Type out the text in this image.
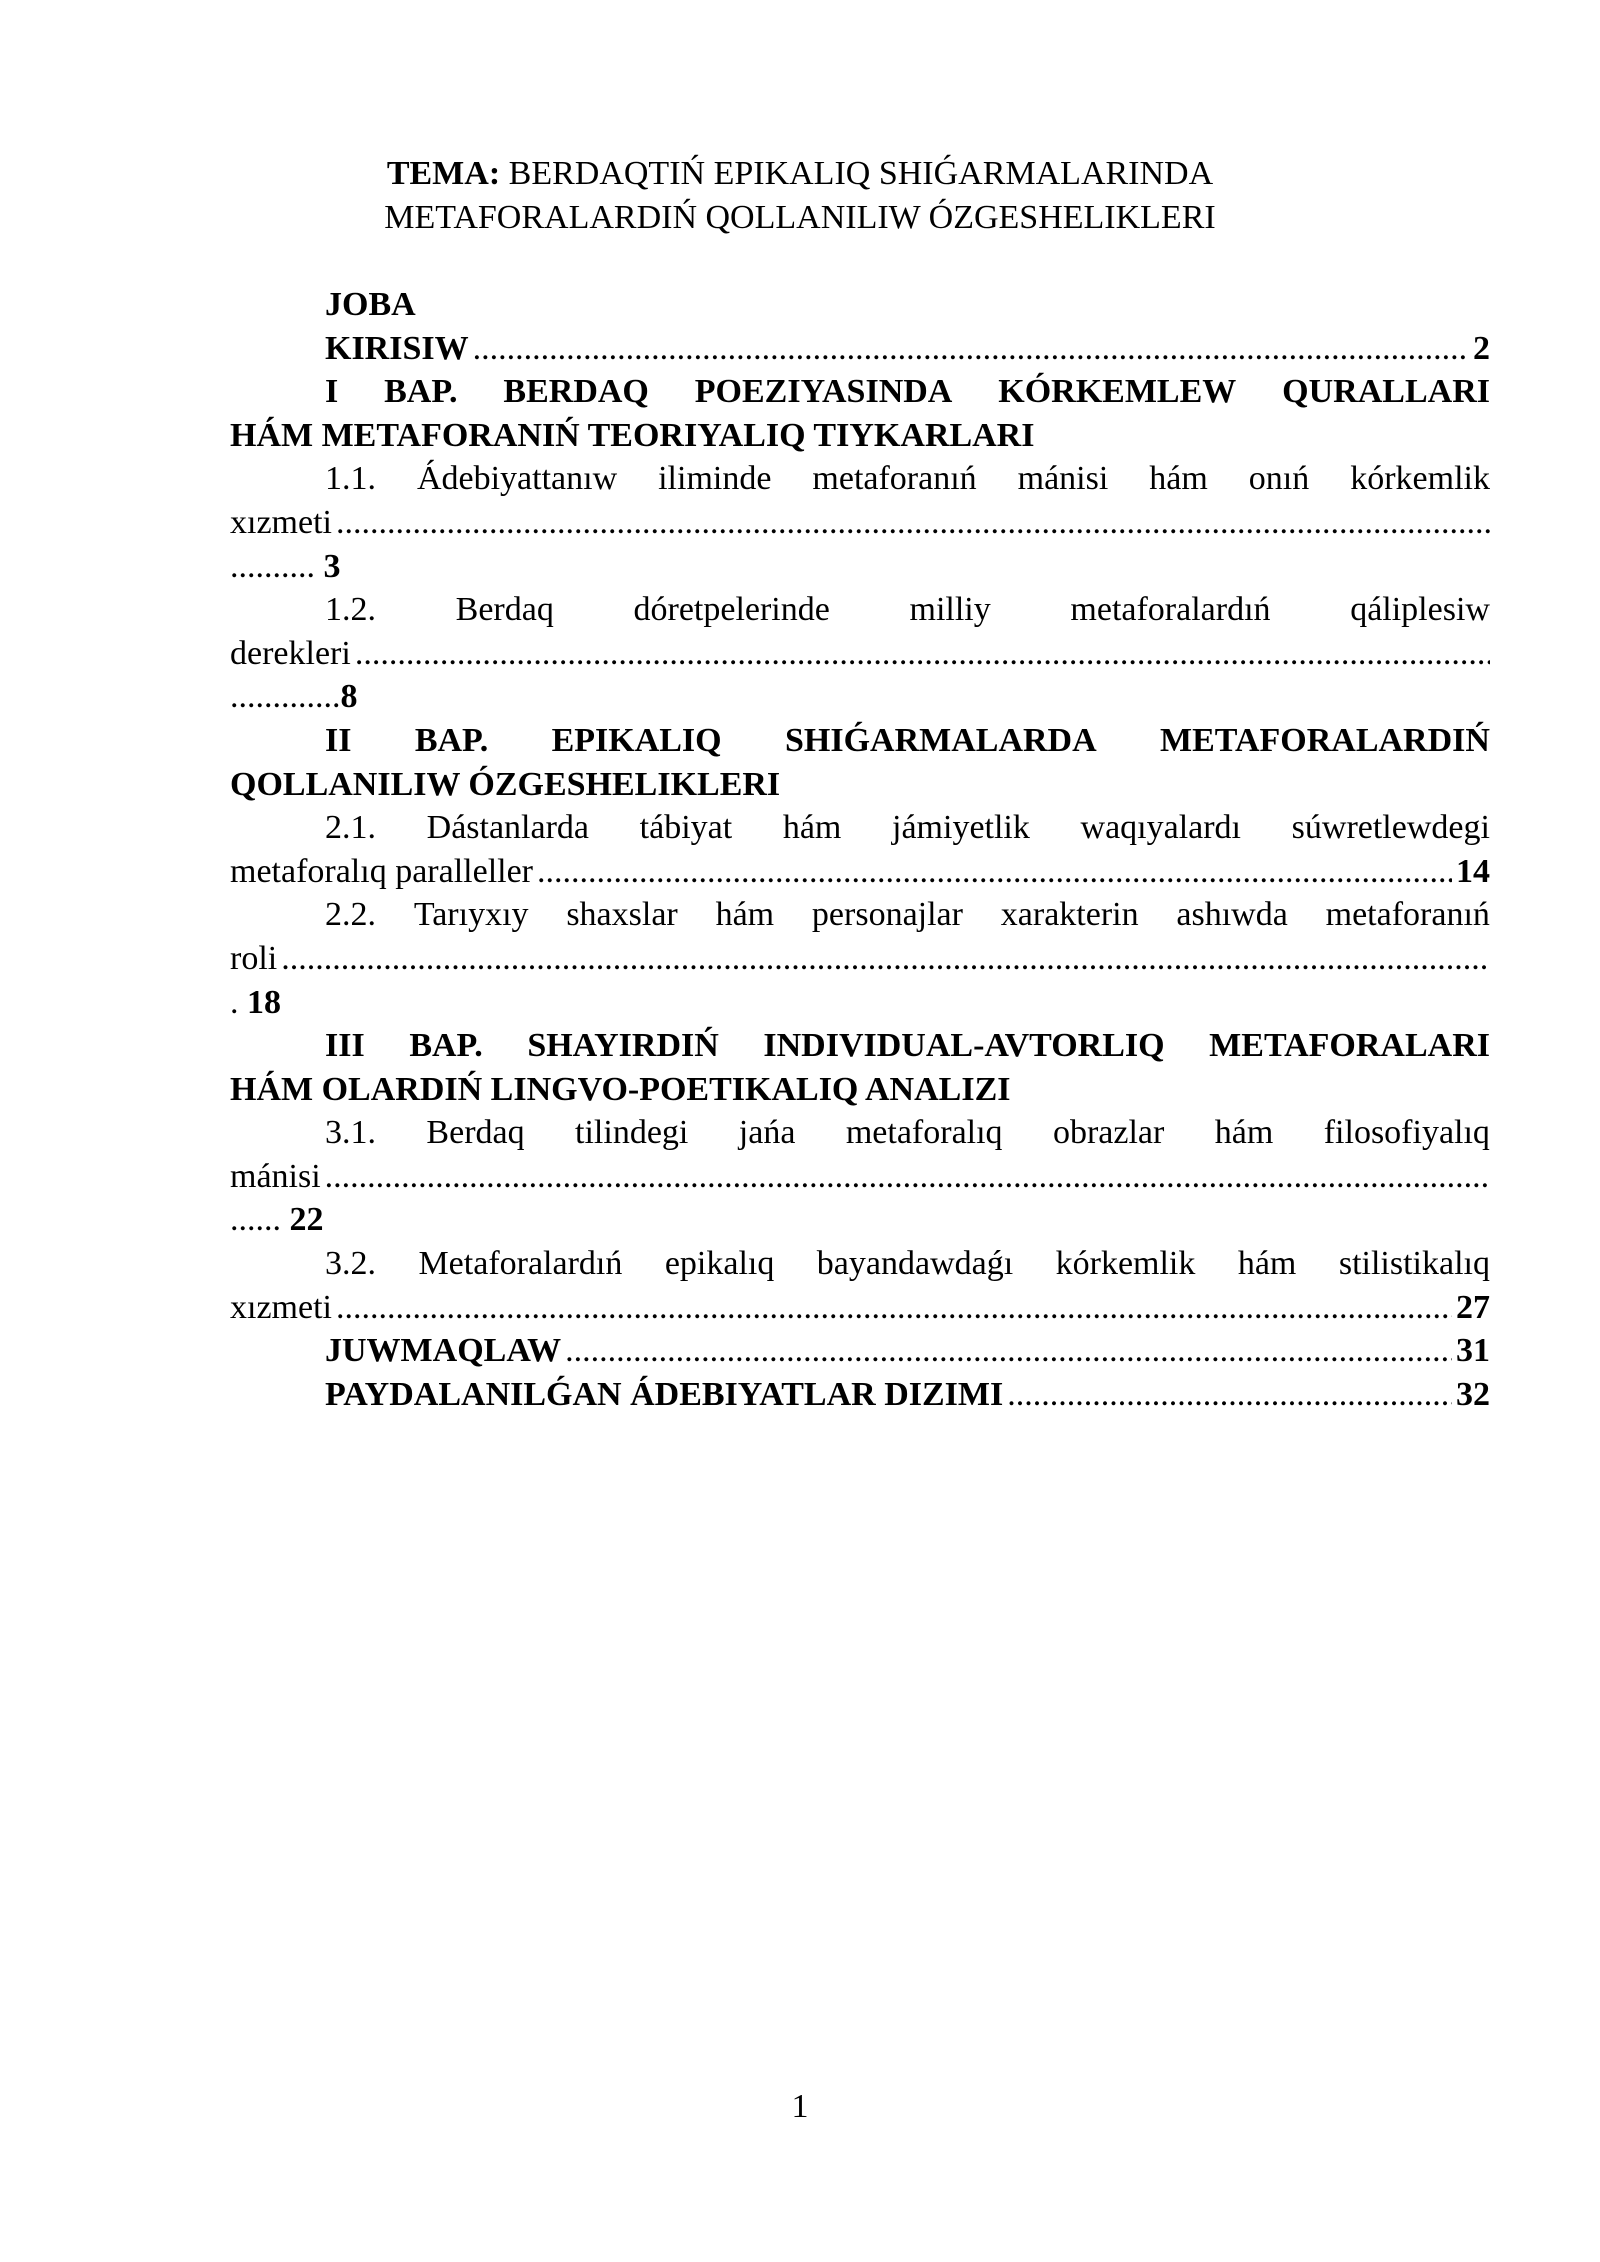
TEMA: BERDAQTIŃ EPIKALIQ SHIǴARMALARINDA
METAFORALARDIŃ QOLLANILIW ÓZGESHELIKLERI
JOBA
KIRISIW .....	2
I BAP. BERDAQ POEZIYASINDA KÓRKEMLEW QURALLARI
HÁM METAFORANIŃ TEORIYALIQ TIYKARLARI
1.1. Ádebiyattanıw iliminde metaforanıń mánisi hám onıń kórkemlik
xızmeti
.....
.......... 3
1.2. Berdaq dóretpelerinde milliy metaforalardıń qáliplesiw
derekleri
.....
.............8
II BAP. EPIKALIQ SHIǴARMALARDA METAFORALARDIŃ
QOLLANILIW ÓZGESHELIKLERI
2.1. Dástanlarda tábiyat hám jámiyetlik waqıyalardı súwretlewdegi
metaforalıq paralleller .....	14
2.2. Tarıyxıy shaxslar hám personajlar xarakterin ashıwda metaforanıń
roli
.....
. 18
III BAP. SHAYIRDIŃ INDIVIDUAL-AVTORLIQ METAFORALARI
HÁM OLARDIŃ LINGVO-POETIKALIQ ANALIZI
3.1. Berdaq tilindegi jańa metaforalıq obrazlar hám filosofiyalıq
mánisi
.....
...... 22
3.2. Metaforalardıń epikalıq bayandawdaǵı kórkemlik hám stilistikalıq
xızmeti .....	27
JUWMAQLAW .....	31
PAYDALANILǴAN ÁDEBIYATLAR DIZIMI .....	32
1
